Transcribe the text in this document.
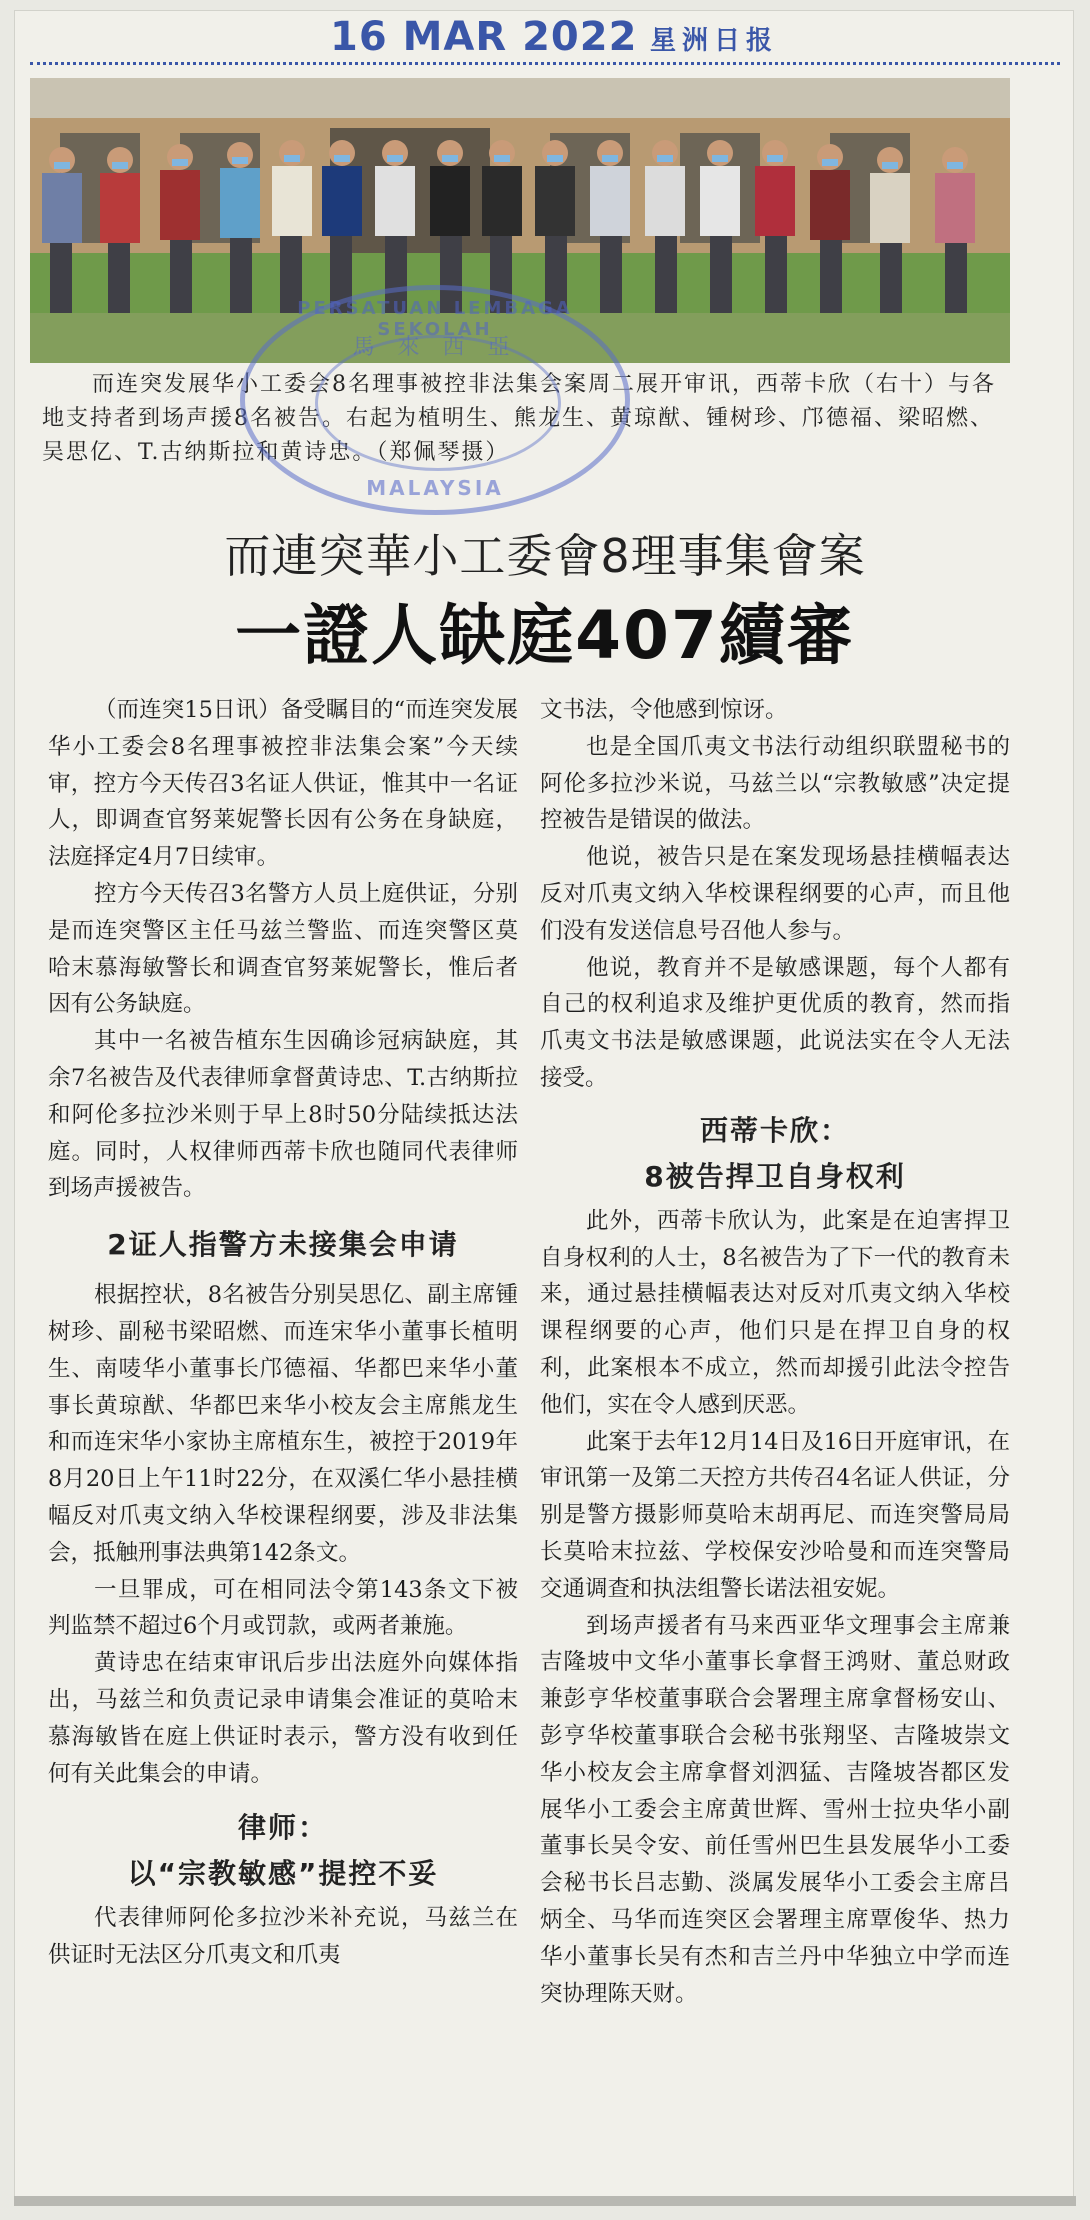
16 MAR 2022 星洲日报
而连突发展华小工委会8名理事被控非法集会案周二展开审讯，西蒂卡欣（右十）与各地支持者到场声援8名被告。右起为植明生、熊龙生、黄琼猷、锺树珍、邝德福、梁昭燃、吴思亿、T.古纳斯拉和黄诗忠。（郑佩琴摄）
PERSATUAN LEMBAGA SEKOLAH
馬 來 西 亞
MALAYSIA
而連突華小工委會8理事集會案
一證人缺庭407續審

（而连突15日讯）备受瞩目的“而连突发展华小工委会8名理事被控非法集会案”今天续审，控方今天传召3名证人供证，惟其中一名证人，即调查官努莱妮警长因有公务在身缺庭，法庭择定4月7日续审。

控方今天传召3名警方人员上庭供证，分别是而连突警区主任马兹兰警监、而连突警区莫哈末慕海敏警长和调查官努莱妮警长，惟后者因有公务缺庭。

其中一名被告植东生因确诊冠病缺庭，其余7名被告及代表律师拿督黄诗忠、T.古纳斯拉和阿伦多拉沙米则于早上8时50分陆续抵达法庭。同时，人权律师西蒂卡欣也随同代表律师到场声援被告。

2证人指警方未接集会申请

根据控状，8名被告分别吴思亿、副主席锺树珍、副秘书梁昭燃、而连宋华小董事长植明生、南唛华小董事长邝德福、华都巴来华小董事长黄琼猷、华都巴来华小校友会主席熊龙生和而连宋华小家协主席植东生，被控于2019年8月20日上午11时22分，在双溪仁华小悬挂横幅反对爪夷文纳入华校课程纲要，涉及非法集会，抵触刑事法典第142条文。

一旦罪成，可在相同法令第143条文下被判监禁不超过6个月或罚款，或两者兼施。

黄诗忠在结束审讯后步出法庭外向媒体指出，马兹兰和负责记录申请集会准证的莫哈末慕海敏皆在庭上供证时表示，警方没有收到任何有关此集会的申请。

律师：
以“宗教敏感”提控不妥

代表律师阿伦多拉沙米补充说，马兹兰在供证时无法区分爪夷文和爪夷

文书法，令他感到惊讶。

也是全国爪夷文书法行动组织联盟秘书的阿伦多拉沙米说，马兹兰以“宗教敏感”决定提控被告是错误的做法。

他说，被告只是在案发现场悬挂横幅表达反对爪夷文纳入华校课程纲要的心声，而且他们没有发送信息号召他人参与。

他说，教育并不是敏感课题，每个人都有自己的权利追求及维护更优质的教育，然而指爪夷文书法是敏感课题，此说法实在令人无法接受。

西蒂卡欣：
8被告捍卫自身权利

此外，西蒂卡欣认为，此案是在迫害捍卫自身权利的人士，8名被告为了下一代的教育未来，通过悬挂横幅表达对反对爪夷文纳入华校课程纲要的心声，他们只是在捍卫自身的权利，此案根本不成立，然而却援引此法令控告他们，实在令人感到厌恶。

此案于去年12月14日及16日开庭审讯，在审讯第一及第二天控方共传召4名证人供证，分别是警方摄影师莫哈末胡再尼、而连突警局局长莫哈末拉兹、学校保安沙哈曼和而连突警局交通调查和执法组警长诺法祖安妮。

到场声援者有马来西亚华文理事会主席兼吉隆坡中文华小董事长拿督王鸿财、董总财政兼彭亨华校董事联合会署理主席拿督杨安山、彭亨华校董事联合会秘书张翔坚、吉隆坡崇文华小校友会主席拿督刘泗猛、吉隆坡峇都区发展华小工委会主席黄世辉、雪州士拉央华小副董事长吴令安、前任雪州巴生县发展华小工委会秘书长吕志勤、淡属发展华小工委会主席吕炳全、马华而连突区会署理主席覃俊华、热力华小董事长吴有杰和吉兰丹中华独立中学而连突协理陈天财。
